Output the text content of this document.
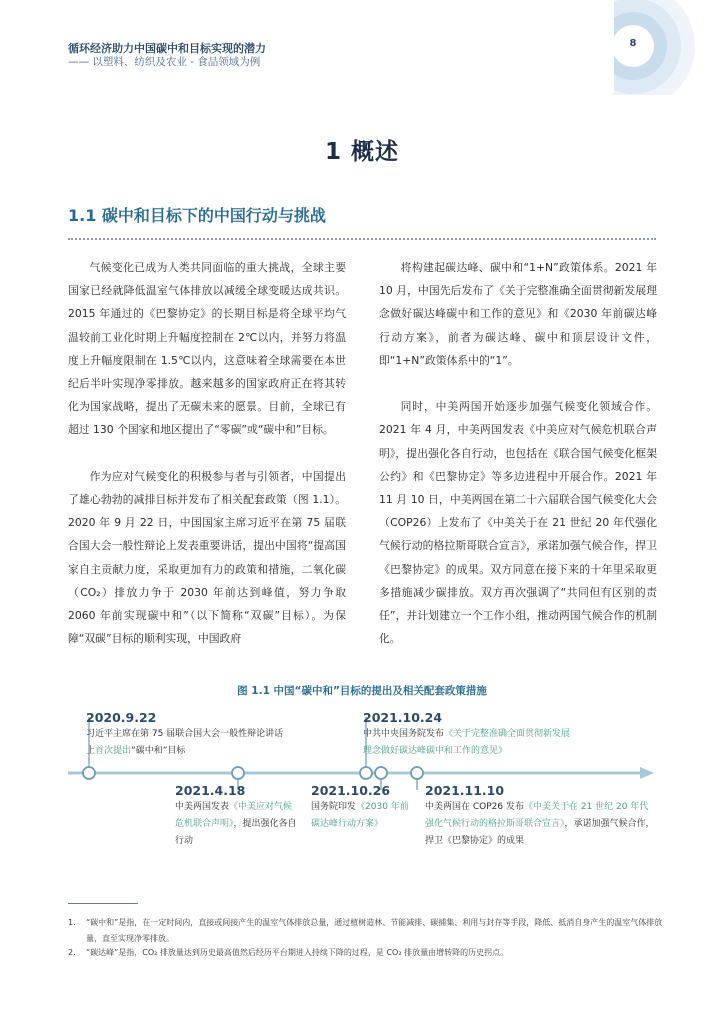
循环经济助力中国碳中和目标实现的潜力
—— 以塑料、纺织及农业 - 食品领域为例
8
1 概述
1.1 碳中和目标下的中国行动与挑战

气候变化已成为人类共同面临的重大挑战，全球主要国家已经就降低温室气体排放以减缓全球变暖达成共识。2015 年通过的《巴黎协定》的长期目标是将全球平均气温较前工业化时期上升幅度控制在 2℃以内，并努力将温度上升幅度限制在 1.5℃以内，这意味着全球需要在本世纪后半叶实现净零排放。越来越多的国家政府正在将其转化为国家战略，提出了无碳未来的愿景。目前，全球已有超过 130 个国家和地区提出了“零碳”或“碳中和”目标。

作为应对气候变化的积极参与者与引领者，中国提出了雄心勃勃的减排目标并发布了相关配套政策（图 1.1）。2020 年 9 月 22 日，中国国家主席习近平在第 75 届联合国大会一般性辩论上发表重要讲话，提出中国将“提高国家自主贡献力度，采取更加有力的政策和措施，二氧化碳（CO₂）排放力争于 2030 年前达到峰值，努力争取 2060 年前实现碳中和”（以下简称“双碳”目标）。为保障“双碳”目标的顺利实现，中国政府

将构建起碳达峰、碳中和“1+N”政策体系。2021 年 10 月，中国先后发布了《关于完整准确全面贯彻新发展理念做好碳达峰碳中和工作的意见》和《2030 年前碳达峰行动方案》，前者为碳达峰、碳中和顶层设计文件，即“1+N”政策体系中的“1”。

同时，中美两国开始逐步加强气候变化领域合作。2021 年 4 月，中美两国发表《中美应对气候危机联合声明》，提出强化各自行动，也包括在《联合国气候变化框架公约》和《巴黎协定》等多边进程中开展合作。2021 年 11 月 10 日，中美两国在第二十六届联合国气候变化大会（COP26）上发布了《中美关于在 21 世纪 20 年代强化气候行动的格拉斯哥联合宣言》，承诺加强气候合作，捍卫《巴黎协定》的成果。双方同意在接下来的十年里采取更多措施减少碳排放。双方再次强调了“共同但有区别的责任”，并计划建立一个工作小组，推动两国气候合作的机制化。

图 1.1 中国“碳中和”目标的提出及相关配套政策措施
2020.9.22
习近平主席在第 75 届联合国大会一般性辩论讲话上首次提出“碳中和”目标
2021.10.24
中共中央国务院发布《关于完整准确全面贯彻新发展理念做好碳达峰碳中和工作的意见》
2021.4.18
中美两国发表《中美应对气候危机联合声明》，提出强化各自行动
2021.10.26
国务院印发《2030 年前碳达峰行动方案》
2021.11.10
中美两国在 COP26 发布《中美关于在 21 世纪 20 年代强化气候行动的格拉斯哥联合宣言》，承诺加强气候合作，捍卫《巴黎协定》的成果
1. “碳中和”是指，在一定时间内，直接或间接产生的温室气体排放总量，通过植树造林、节能减排、碳捕集、利用与封存等手段，降低、抵消自身产生的温室气体排放量，直至实现净零排放。
2. “碳达峰”是指，CO₂ 排放量达到历史最高值然后经历平台期进入持续下降的过程，是 CO₂ 排放量由增转降的历史拐点。
